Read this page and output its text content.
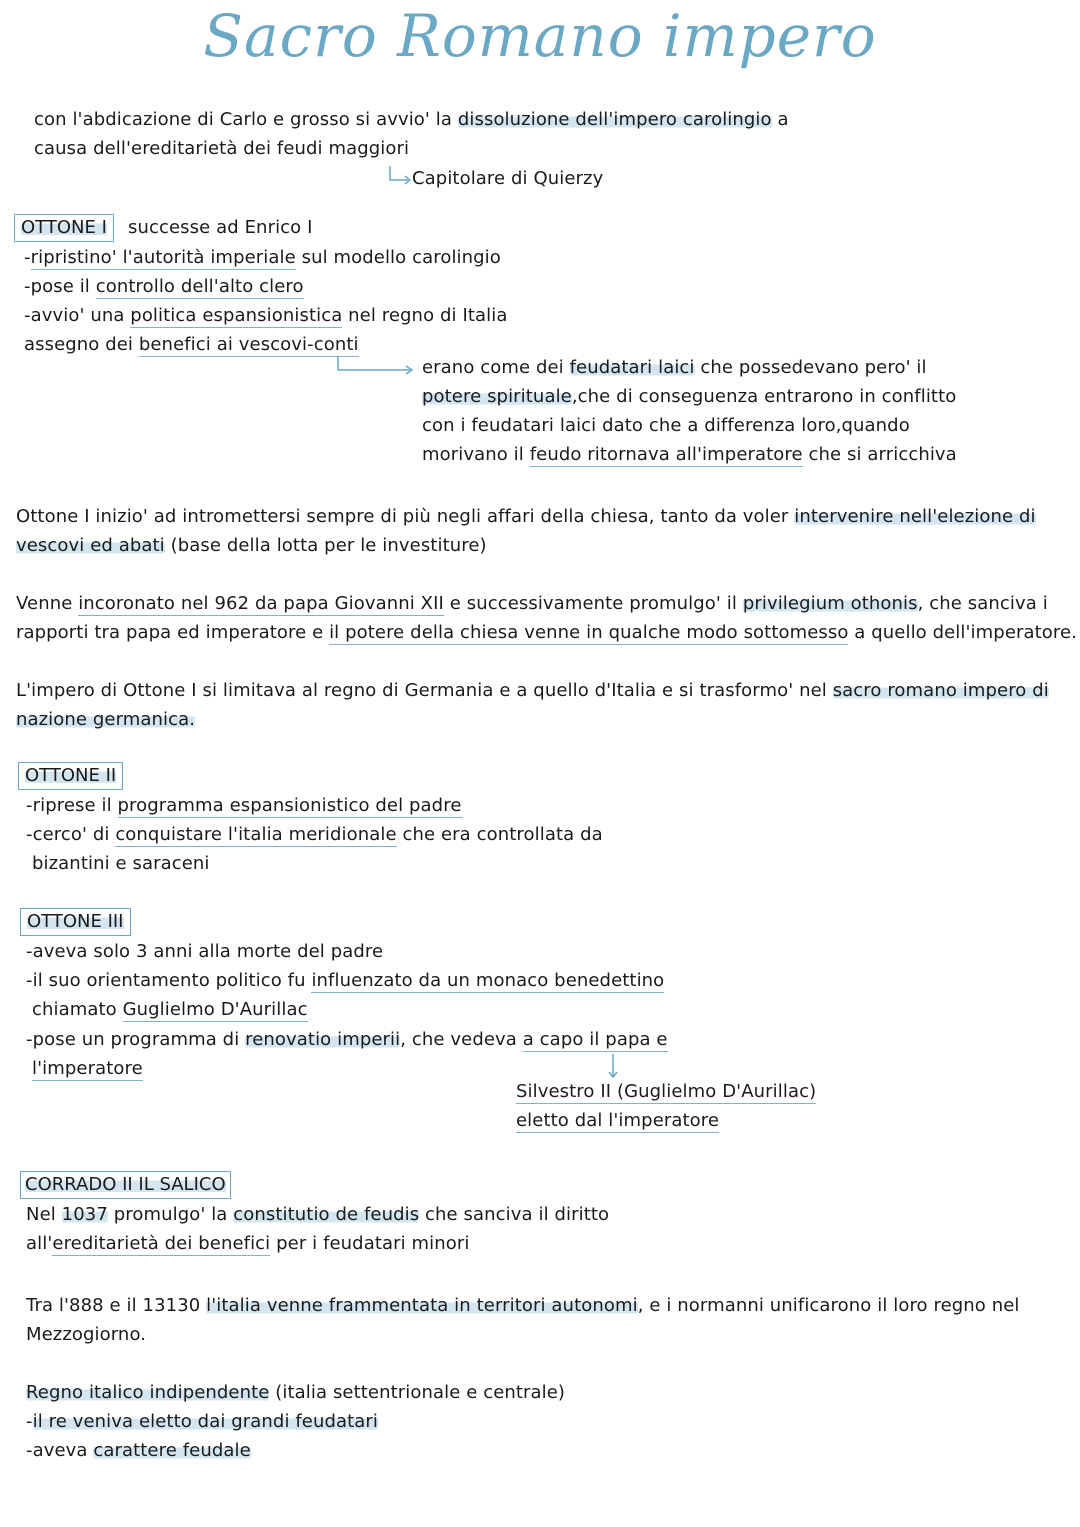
Sacro Romano impero
con l'abdicazione di Carlo e grosso si avvio' la dissoluzione dell'impero carolingio a
causa dell'ereditarietà dei feudi maggiori
Capitolare di Quierzy
OTTONE I	successe ad Enrico I
-ripristino' l'autorità imperiale sul modello carolingio
-pose il controllo dell'alto clero
-avvio' una politica espansionistica nel regno di Italia
assegno dei benefici ai vescovi-conti
erano come dei feudatari laici che possedevano pero' il
potere spirituale,che di conseguenza entrarono in conflitto
con i feudatari laici dato che a differenza loro,quando
morivano il feudo ritornava all'imperatore che si arricchiva
Ottone I inizio' ad intromettersi sempre di più negli affari della chiesa, tanto da voler intervenire nell'elezione di
vescovi ed abati (base della lotta per le investiture)
Venne incoronato nel 962 da papa Giovanni XII e successivamente promulgo' il privilegium othonis, che sanciva i
rapporti tra papa ed imperatore e il potere della chiesa venne in qualche modo sottomesso a quello dell'imperatore.
L'impero di Ottone I si limitava al regno di Germania e a quello d'Italia e si trasformo' nel sacro romano impero di
nazione germanica.
OTTONE II
-riprese il programma espansionistico del padre
-cerco' di conquistare l'italia meridionale che era controllata da
bizantini e saraceni
OTTONE III
-aveva solo 3 anni alla morte del padre
-il suo orientamento politico fu influenzato da un monaco benedettino
chiamato Guglielmo D'Aurillac
-pose un programma di renovatio imperii, che vedeva a capo il papa e
l'imperatore
Silvestro II (Guglielmo D'Aurillac)
eletto dal l'imperatore
CORRADO II IL SALICO
Nel 1037 promulgo' la constitutio de feudis che sanciva il diritto
all'ereditarietà dei benefici per i feudatari minori
Tra l'888 e il 13130 l'italia venne frammentata in territori autonomi, e i normanni unificarono il loro regno nel
Mezzogiorno.
Regno italico indipendente (italia settentrionale e centrale)
-il re veniva eletto dai grandi feudatari
-aveva carattere feudale
